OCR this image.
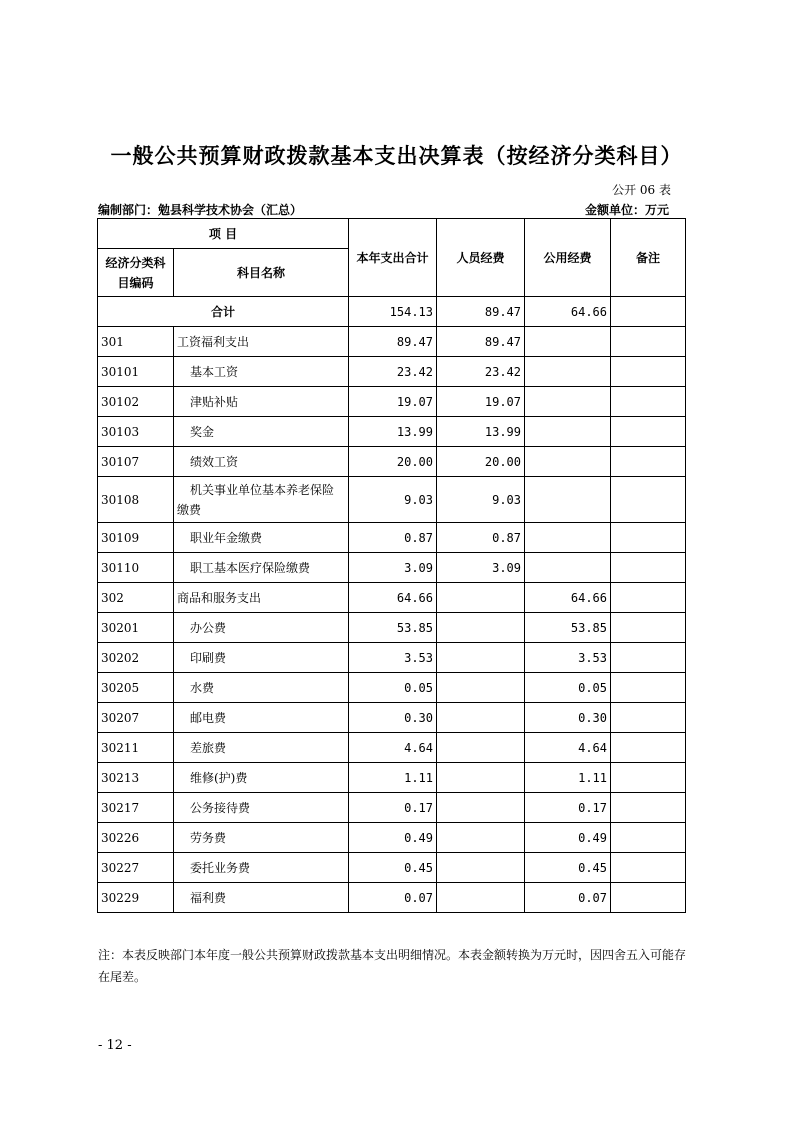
一般公共预算财政拨款基本支出决算表（按经济分类科目）
公开 06 表
编制部门：勉县科学技术协会（汇总）	金额单位：万元
项 目		本年支出合计	人员经费	公用经费	备注
经济分类科目编码	科目名称				
合计		154.13	89.47	64.66	
301	工资福利支出	89.47	89.47		
30101	基本工资	23.42	23.42		
30102	津贴补贴	19.07	19.07		
30103	奖金	13.99	13.99		
30107	绩效工资	20.00	20.00		
30108	机关事业单位基本养老保险缴费	9.03	9.03		
30109	职业年金缴费	0.87	0.87		
30110	职工基本医疗保险缴费	3.09	3.09		
302	商品和服务支出	64.66		64.66	
30201	办公费	53.85		53.85	
30202	印刷费	3.53		3.53	
30205	水费	0.05		0.05	
30207	邮电费	0.30		0.30	
30211	差旅费	4.64		4.64	
30213	维修(护)费	1.11		1.11	
30217	公务接待费	0.17		0.17	
30226	劳务费	0.49		0.49	
30227	委托业务费	0.45		0.45	
30229	福利费	0.07		0.07	
注：本表反映部门本年度一般公共预算财政拨款基本支出明细情况。本表金额转换为万元时，因四舍五入可能存在尾差。
- 12 -
